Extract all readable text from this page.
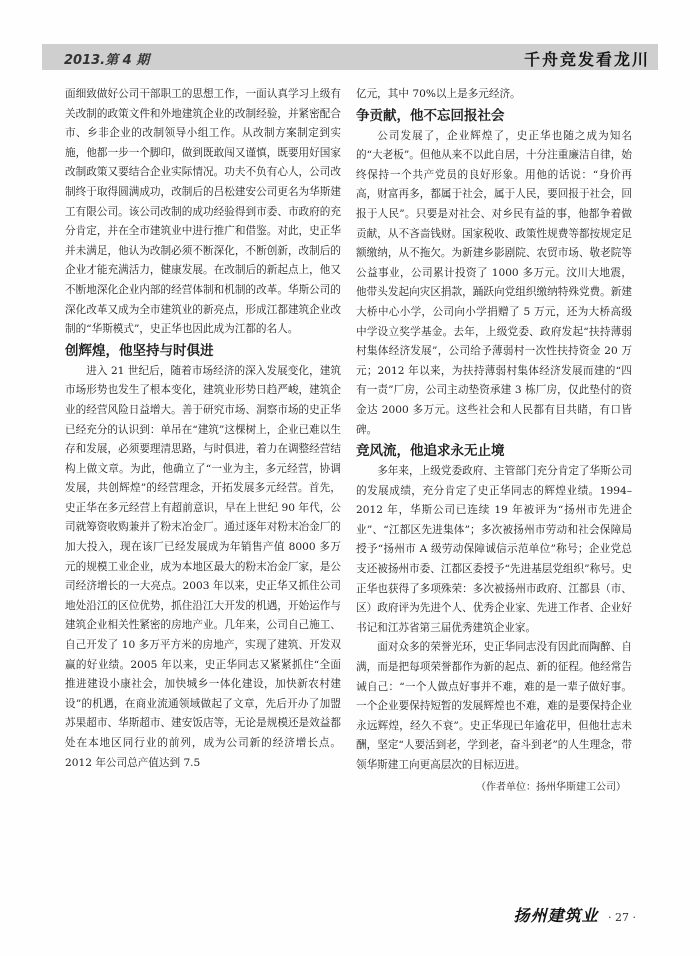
2013.第 4 期	千舟竞发看龙川

面细致做好公司干部职工的思想工作，一面认真学习上级有关改制的政策文件和外地建筑企业的改制经验，并紧密配合市、乡非企业的改制领导小组工作。从改制方案制定到实施，他都一步一个脚印，做到既敢闯又谨慎，既要用好国家改制政策又要结合企业实际情况。功夫不负有心人，公司改制终于取得圆满成功，改制后的吕松建安公司更名为华斯建工有限公司。该公司改制的成功经验得到市委、市政府的充分肯定，并在全市建筑业中进行推广和借鉴。对此，史正华并未满足，他认为改制必须不断深化，不断创新，改制后的企业才能充满活力，健康发展。在改制后的新起点上，他又不断地深化企业内部的经营体制和机制的改革。华斯公司的深化改革又成为全市建筑业的新亮点，形成江都建筑企业改制的“华斯模式”，史正华也因此成为江都的名人。

创辉煌，他坚持与时俱进

进入 21 世纪后，随着市场经济的深入发展变化，建筑市场形势也发生了根本变化，建筑业形势日趋严峻，建筑企业的经营风险日益增大。善于研究市场、洞察市场的史正华已经充分的认识到：单吊在“建筑”这棵树上，企业已难以生存和发展，必须要理清思路，与时俱进，着力在调整经营结构上做文章。为此，他确立了“一业为主，多元经营，协调发展，共创辉煌”的经营理念，开拓发展多元经营。首先，史正华在多元经营上有超前意识，早在上世纪 90 年代，公司就筹资收购兼并了粉末冶金厂。通过逐年对粉末冶金厂的加大投入，现在该厂已经发展成为年销售产值 8000 多万元的规模工业企业，成为本地区最大的粉末冶金厂家，是公司经济增长的一大亮点。2003 年以来，史正华又抓住公司地处沿江的区位优势，抓住沿江大开发的机遇，开始运作与建筑企业相关性紧密的房地产业。几年来，公司自己施工、自己开发了 10 多万平方米的房地产，实现了建筑、开发双赢的好业绩。2005 年以来，史正华同志又紧紧抓住“全面推进建设小康社会，加快城乡一体化建设，加快新农村建设”的机遇，在商业流通领域做起了文章，先后开办了加盟苏果超市、华斯超市、建安饭店等，无论是规模还是效益都处在本地区同行业的前列，成为公司新的经济增长点。2012 年公司总产值达到 7.5

亿元，其中 70%以上是多元经济。

争贡献，他不忘回报社会

公司发展了，企业辉煌了，史正华也随之成为知名的“大老板”。但他从来不以此自居，十分注重廉洁自律，始终保持一个共产党员的良好形象。用他的话说：“身价再高，财富再多，都属于社会，属于人民，要回报于社会，回报于人民”。只要是对社会、对乡民有益的事，他都争着做贡献，从不吝啬钱财。国家税收、政策性规费等都按规定足额缴纳，从不拖欠。为新建乡影剧院、农贸市场、敬老院等公益事业，公司累计投资了 1000 多万元。汶川大地震，他带头发起向灾区捐款，踊跃向党组织缴纳特殊党费。新建大桥中心小学，公司向小学捐赠了 5 万元，还为大桥高级中学设立奖学基金。去年，上级党委、政府发起“扶持薄弱村集体经济发展”，公司给予薄弱村一次性扶持资金 20 万元；2012 年以来，为扶持薄弱村集体经济发展而建的“四有一责”厂房，公司主动垫资承建 3 栋厂房，仅此垫付的资金达 2000 多万元。这些社会和人民都有目共睹，有口皆碑。

竞风流，他追求永无止境

多年来，上级党委政府、主管部门充分肯定了华斯公司的发展成绩，充分肯定了史正华同志的辉煌业绩。1994–2012 年，华斯公司已连续 19 年被评为“扬州市先进企业”、“江都区先进集体”；多次被扬州市劳动和社会保障局授予“扬州市 A 级劳动保障诚信示范单位”称号；企业党总支还被扬州市委、江都区委授予“先进基层党组织”称号。史正华也获得了多项殊荣：多次被扬州市政府、江都县（市、区）政府评为先进个人、优秀企业家、先进工作者、企业好书记和江苏省第三届优秀建筑企业家。

面对众多的荣誉光环，史正华同志没有因此而陶醉、自满，而是把每项荣誉都作为新的起点、新的征程。他经常告诫自己：“一个人做点好事并不难，难的是一辈子做好事。一个企业要保持短暂的发展辉煌也不难，难的是要保持企业永远辉煌，经久不衰”。史正华现已年逾花甲，但他壮志未酬，坚定“人要活到老，学到老，奋斗到老”的人生理念，带领华斯建工向更高层次的目标迈进。

（作者单位：扬州华斯建工公司）
扬州建筑业 · 27 ·
